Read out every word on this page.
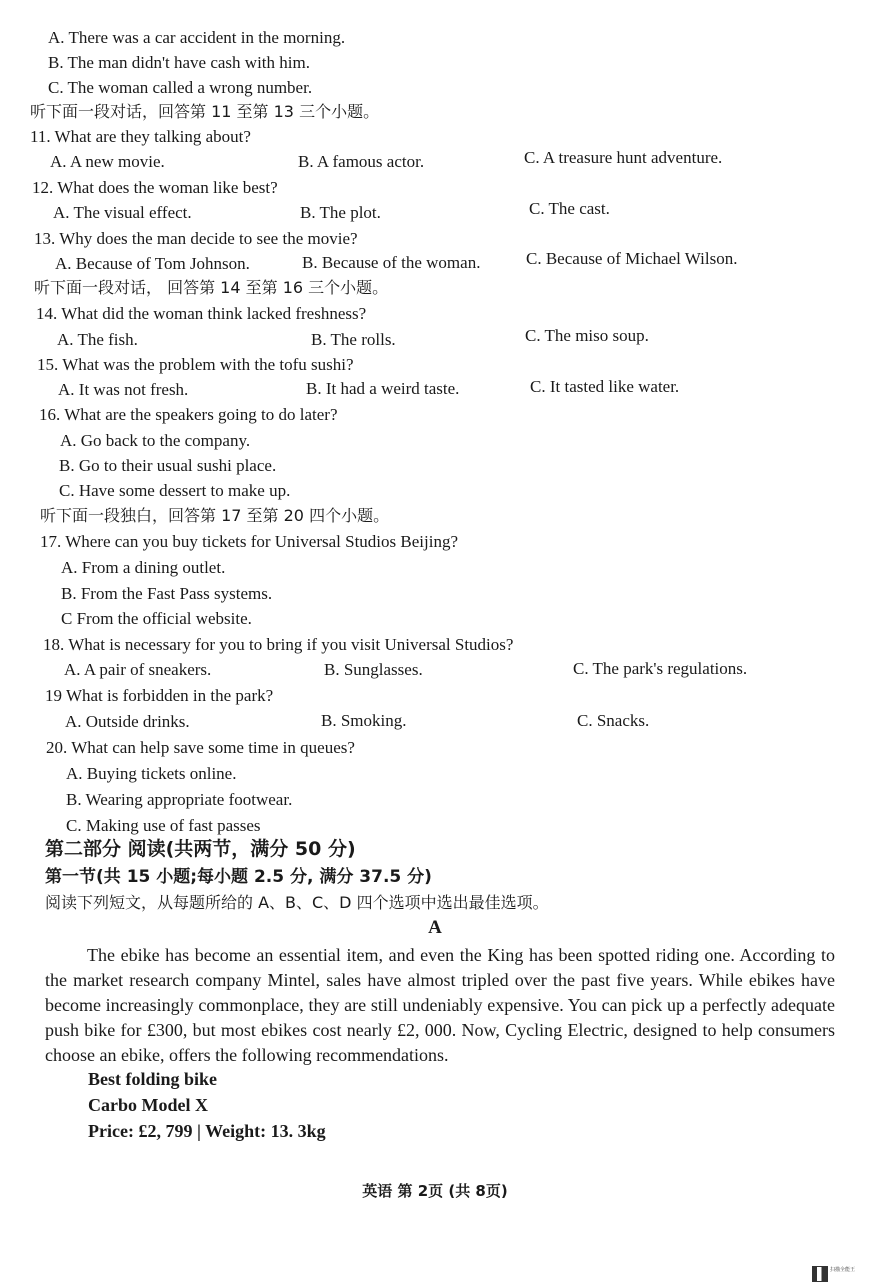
A. There was a car accident in the morning.
B. The man didn't have cash with him.
C. The woman called a wrong number.
听下面一段对话，回答第 11 至第 13 三个小题。
11. What are they talking about?
A. A new movie.	B. A famous actor.	C. A treasure hunt adventure.
12. What does the woman like best?
A. The visual effect.	B. The plot.	C. The cast.
13. Why does the man decide to see the movie?
A. Because of Tom Johnson.	B. Because of the woman.	C. Because of Michael Wilson.
听下面一段对话， 回答第 14 至第 16 三个小题。
14. What did the woman think lacked freshness?
A. The fish.	B. The rolls.	C. The miso soup.
15. What was the problem with the tofu sushi?
A. It was not fresh.	B. It had a weird taste.	C. It tasted like water.
16. What are the speakers going to do later?
A. Go back to the company.
B. Go to their usual sushi place.
C. Have some dessert to make up.
听下面一段独白，回答第 17 至第 20 四个小题。
17. Where can you buy tickets for Universal Studios Beijing?
A. From a dining outlet.
B. From the Fast Pass systems.
C From the official website.
18. What is necessary for you to bring if you visit Universal Studios?
A. A pair of sneakers.	B. Sunglasses.	C. The park's regulations.
19 What is forbidden in the park?
A. Outside drinks.	B. Smoking.	C. Snacks.
20. What can help save some time in queues?
A. Buying tickets online.
B. Wearing appropriate footwear.
C. Making use of fast passes
第二部分 阅读(共两节，满分 50 分)
第一节(共 15 小题;每小题 2.5 分, 满分 37.5 分)
阅读下列短文，从每题所给的 A、B、C、D 四个选项中选出最佳选项。
A
The ebike has become an essential item, and even the King has been spotted riding one. According to the market research company Mintel, sales have almost tripled over the past five years. While ebikes have become increasingly commonplace, they are still undeniably expensive. You can pick up a perfectly adequate push bike for £300, but most ebikes cost nearly £2, 000. Now, Cycling Electric, designed to help consumers choose an ebike, offers the following recommendations.
Best folding bike
Carbo Model X
Price: £2, 799 | Weight: 13. 3kg
英语 第 2页 (共 8页)
扫描全能王
